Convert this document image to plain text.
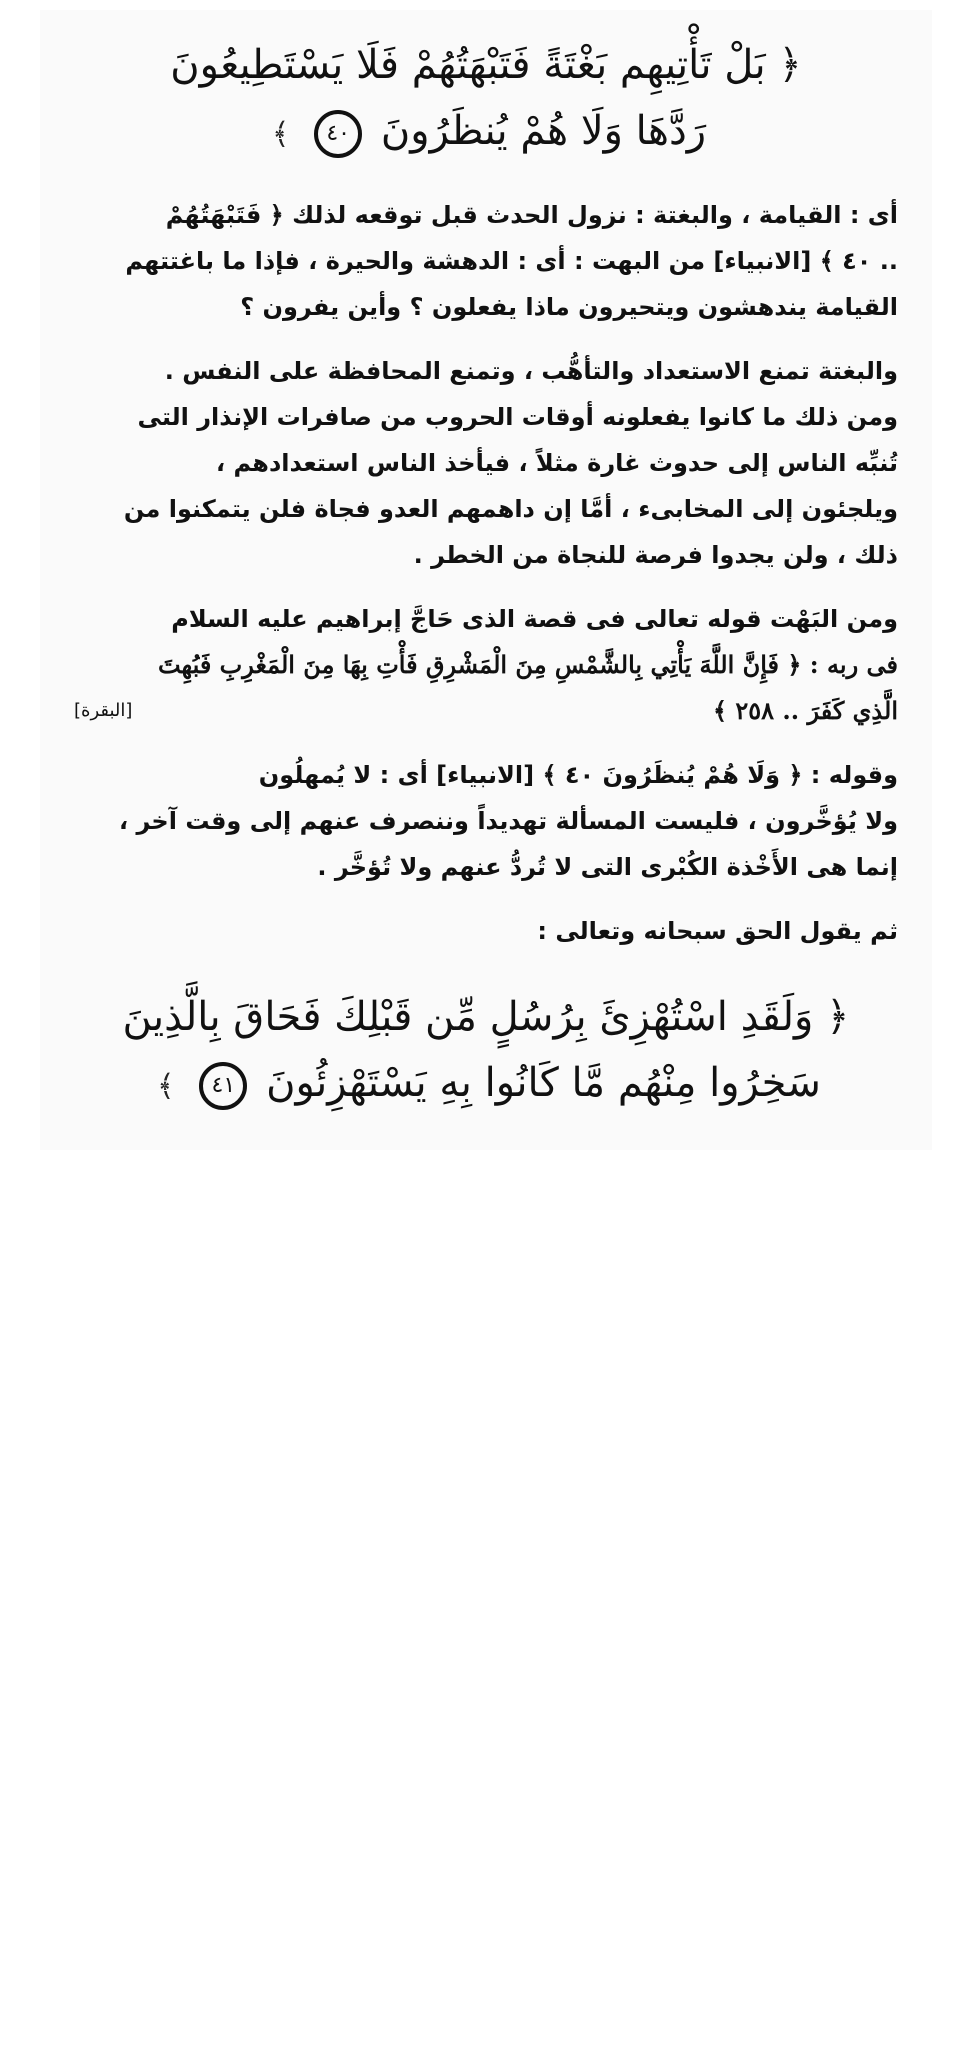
﴿ بَلْ تَأْتِيهِم بَغْتَةً فَتَبْهَتُهُمْ فَلَا يَسْتَطِيعُونَ
رَدَّهَا وَلَا هُمْ يُنظَرُونَ ٤٠ ﴾
أى : القيامة ، والبغتة : نزول الحدث قبل توقعه لذلك ﴿ فَتَبْهَتُهُمْ
.. ٤٠ ﴾ [الانبياء] من البهت : أى : الدهشة والحيرة ، فإذا ما باغتتهم
القيامة يندهشون ويتحيرون ماذا يفعلون ؟ وأين يفرون ؟
والبغتة تمنع الاستعداد والتأهُّب ، وتمنع المحافظة على النفس .
ومن ذلك ما كانوا يفعلونه أوقات الحروب من صافرات الإنذار التى
تُنبِّه الناس إلى حدوث غارة مثلاً ، فيأخذ الناس استعدادهم ،
ويلجئون إلى المخابىء ، أمَّا إن داهمهم العدو فجاة فلن يتمكنوا من
ذلك ، ولن يجدوا فرصة للنجاة من الخطر .
ومن البَهْت قوله تعالى فى قصة الذى حَاجَّ إبراهيم عليه السلام
فى ربه : ﴿ فَإِنَّ اللَّهَ يَأْتِي بِالشَّمْسِ مِنَ الْمَشْرِقِ فَأْتِ بِهَا مِنَ الْمَغْرِبِ فَبُهِتَ
الَّذِي كَفَرَ .. ٢٥٨ ﴾
[البقرة]
وقوله : ﴿ وَلَا هُمْ يُنظَرُونَ ٤٠ ﴾ [الانبياء] أى : لا يُمهلُون
ولا يُؤخَّرون ، فليست المسألة تهديداً وننصرف عنهم إلى وقت آخر ،
إنما هى الأَخْذة الكُبْرى التى لا تُردُّ عنهم ولا تُؤخَّر .
ثم يقول الحق سبحانه وتعالى :
﴿ وَلَقَدِ اسْتُهْزِئَ بِرُسُلٍ مِّن قَبْلِكَ فَحَاقَ بِالَّذِينَ
سَخِرُوا مِنْهُم مَّا كَانُوا بِهِ يَسْتَهْزِئُونَ ٤١ ﴾
